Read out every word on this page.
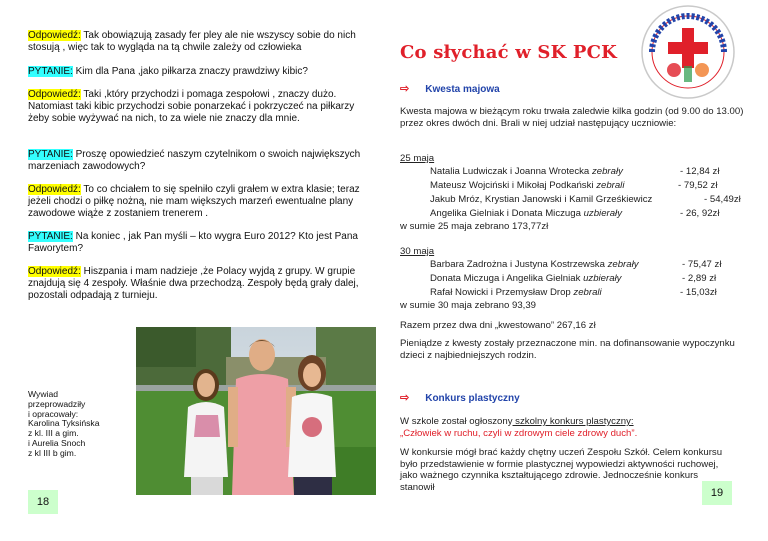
Odpowiedź: Tak obowiązują zasady fer pley ale nie wszyscy sobie do nich stosują , więc tak to wygląda na tą chwile zależy od człowieka

PYTANIE: Kim dla Pana ,jako piłkarza znaczy prawdziwy kibic?

Odpowiedź: Taki ,który przychodzi i pomaga zespołowi , znaczy dużo. Natomiast taki kibic przychodzi sobie ponarzekać i pokrzyczeć na piłkarzy żeby sobie wyżywać na nich, to za wiele nie znaczy dla mnie.

PYTANIE: Proszę opowiedzieć naszym czytelnikom o swoich największych marzeniach zawodowych?

Odpowiedź: To co chciałem to się spełniło czyli grałem w extra klasie; teraz jeżeli chodzi o piłkę nożną, nie mam większych marzeń ewentualne plany zawodowe wiąże z zostaniem trenerem .

PYTANIE: Na koniec , jak Pan myśli – kto wygra Euro 2012? Kto jest Pana Faworytem?

Odpowiedź: Hiszpania i mam nadzieje ,że Polacy wyjdą z grupy. W grupie znajdują się 4 zespoły. Właśnie dwa przechodzą. Zespoły będą grały dalej, pozostali odpadają z turnieju.

Wywiad
przeprowadziły
i opracowały:
Karolina Tyksińska
z kl. III a gim.
i Aurelia Snoch
z kl III b gim.
18
Co słychać w SK PCK
⇨ Kwesta majowa
Kwesta majowa w bieżącym roku trwała zaledwie kilka godzin (od 9.00 do 13.00) przez okres dwóch dni. Brali w niej udział następujący uczniowie:
25 maja
Natalia Ludwiczak i Joanna Wrotecka zebrały	- 12,84 zł
Mateusz Wojciński i Mikołaj Podkański zebrali	- 79,52 zł
Jakub Mróz, Krystian Janowski i Kamil Grześkiewicz	- 54,49zł
Angelika Gielniak i Donata Miczuga uzbierały	- 26, 92zł
w sumie 25 maja zebrano 173,77zł
30 maja
Barbara Zadrożna i Justyna Kostrzewska zebrały	- 75,47 zł
Donata Miczuga i Angelika Gielniak uzbierały	- 2,89 zł
Rafał Nowicki i Przemysław Drop zebrali	- 15,03zł
w sumie 30 maja zebrano 93,39
Razem przez dwa dni „kwestowano” 267,16 zł
Pieniądze z kwesty zostały przeznaczone min. na dofinansowanie wypoczynku dzieci z najbiedniejszych rodzin.
⇨ Konkurs plastyczny
W szkole został ogłoszony szkolny konkurs plastyczny:
„Człowiek w ruchu, czyli w zdrowym ciele zdrowy duch”.
W konkursie mógł brać każdy chętny uczeń Zespołu Szkół. Celem konkursu było przedstawienie w formie plastycznej wypowiedzi aktywności ruchowej, jako ważnego czynnika kształtującego zdrowie. Jednocześnie konkurs stanowił	19
